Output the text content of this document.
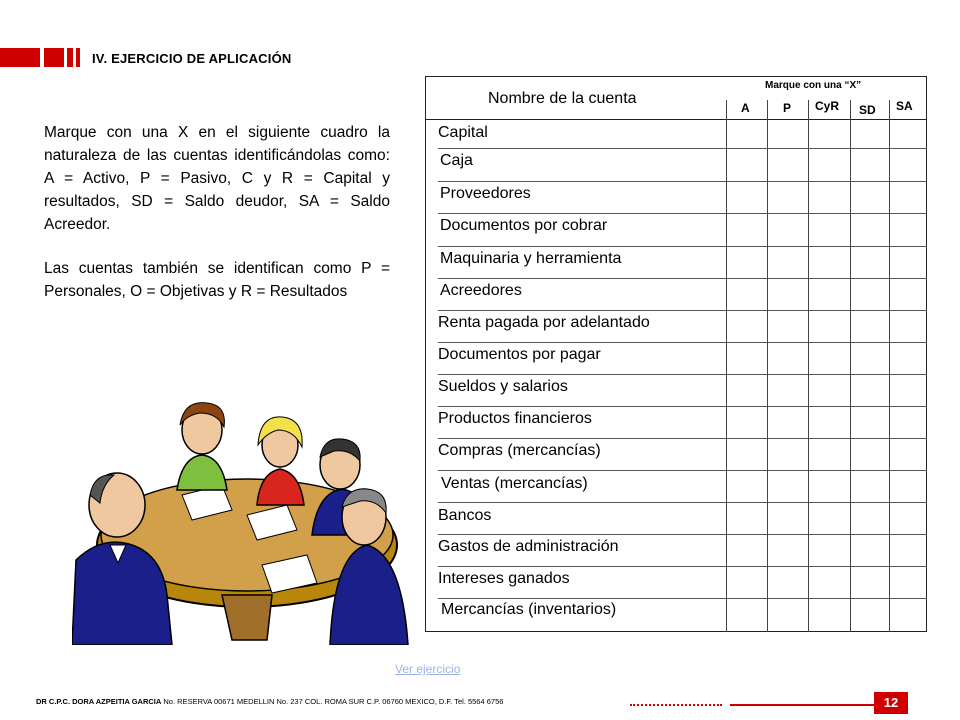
IV. EJERCICIO DE APLICACIÓN
Marque con una X en el siguiente cuadro la naturaleza de las cuentas identificándolas como: A = Activo, P = Pasivo, C y R = Capital y resultados, SD = Saldo deudor, SA = Saldo Acreedor.
Las cuentas también se identifican como P = Personales, O = Objetivas y R = Resultados
Nombre de la cuenta
Marque con una “X”
A	P CyR SD SA
Capital
Caja
Proveedores
Documentos por cobrar
Maquinaria y herramienta
Acreedores
Renta pagada por adelantado
Documentos por pagar
Sueldos y salarios
Productos financieros
Compras (mercancías)
Ventas (mercancías)
Bancos
Gastos de administración
Intereses ganados
Mercancías (inventarios)
Ver ejercicio
DR C.P.C. DORA AZPEITIA GARCIA No. RESERVA 00671 MEDELLIN No. 237 COL. ROMA SUR C.P. 06760 MEXICO, D.F. Tel. 5564 6756	12
